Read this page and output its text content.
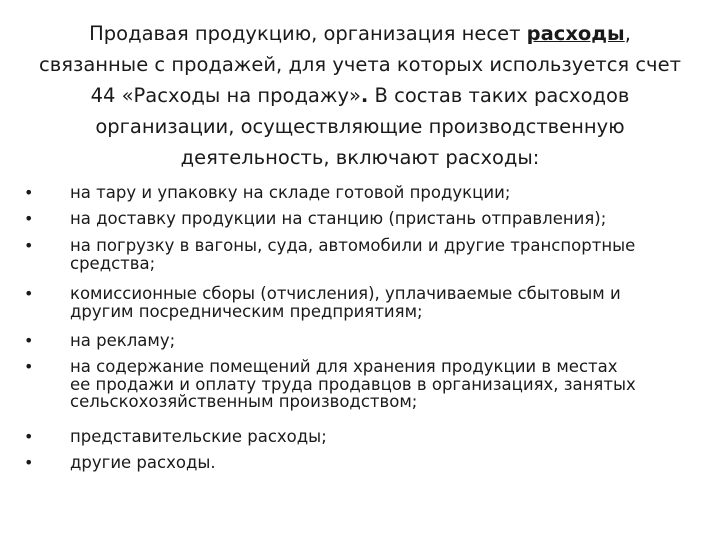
Продавая продукцию, организация несет расходы,
связанные с продажей, для учета которых используется счет
44 «Расходы на продажу». В состав таких расходов
организации, осуществляющие производственную
деятельность, включают расходы:
• на тару и упаковку на складе готовой продукции;
• на доставку продукции на станцию (пристань отправления);
• на погрузку в вагоны, суда, автомобили и другие транспортные
средства;
• комиссионные сборы (отчисления), уплачиваемые сбытовым и
другим посредническим предприятиям;
• на рекламу;
• на содержание помещений для хранения продукции в местах
ее продажи и оплату труда продавцов в организациях, занятых
сельскохозяйственным производством;
• представительские расходы;
• другие расходы.
